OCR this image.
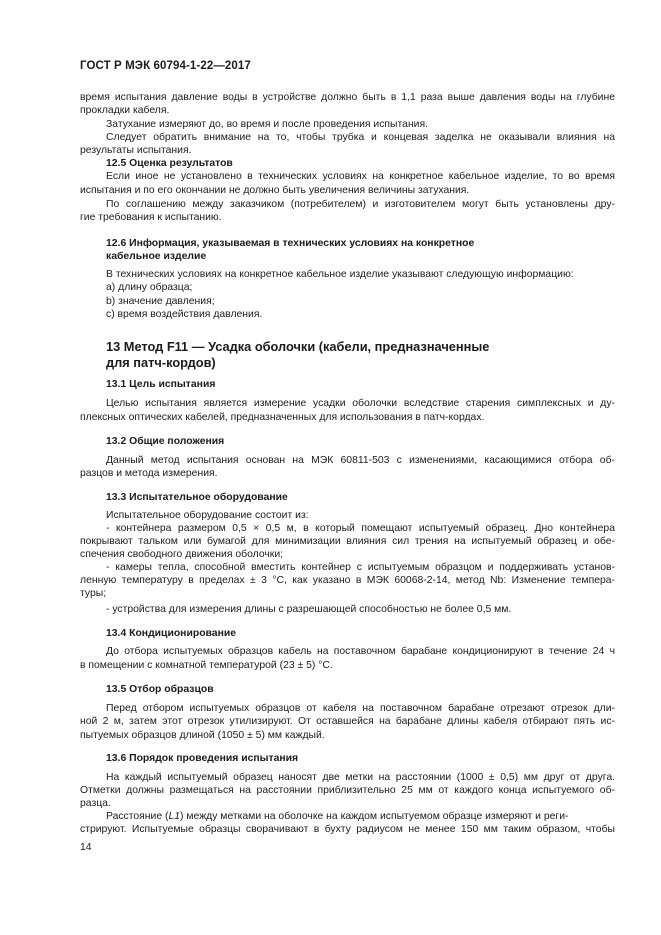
ГОСТ Р МЭК 60794-1-22—2017
время испытания давление воды в устройстве должно быть в 1,1 раза выше давления воды на глубине
прокладки кабеля.
Затухание измеряют до, во время и после проведения испытания.
Следует обратить внимание на то, чтобы трубка и концевая заделка не оказывали влияния на
результаты испытания.
12.5 Оценка результатов
Если иное не установлено в технических условиях на конкретное кабельное изделие, то во время
испытания и по его окончании не должно быть увеличения величины затухания.
По соглашению между заказчиком (потребителем) и изготовителем могут быть установлены дру-
гие требования к испытанию.
12.6 Информация, указываемая в технических условиях на конкретное
кабельное изделие
В технических условиях на конкретное кабельное изделие указывают следующую информацию:
a) длину образца;
b) значение давления;
c) время воздействия давления.
13 Метод F11 — Усадка оболочки (кабели, предназначенные
для патч-кордов)
13.1 Цель испытания
Целью испытания является измерение усадки оболочки вследствие старения симплексных и ду-
плексных оптических кабелей, предназначенных для использования в патч-кордах.
13.2 Общие положения
Данный метод испытания основан на МЭК 60811-503 с изменениями, касающимися отбора об-
разцов и метода измерения.
13.3 Испытательное оборудование
Испытательное оборудование состоит из:
- контейнера размером 0,5 × 0,5 м, в который помещают испытуемый образец. Дно контейнера
покрывают тальком или бумагой для минимизации влияния сил трения на испытуемый образец и обе-
спечения свободного движения оболочки;
- камеры тепла, способной вместить контейнер с испытуемым образцом и поддерживать установ-
ленную температуру в пределах ± 3 °C, как указано в МЭК 60068-2-14, метод Nb: Изменение темпера-
туры;
- устройства для измерения длины с разрешающей способностью не более 0,5 мм.
13.4 Кондиционирование
До отбора испытуемых образцов кабель на поставочном барабане кондиционируют в течение 24 ч
в помещении с комнатной температурой (23 ± 5) °C.
13.5 Отбор образцов
Перед отбором испытуемых образцов от кабеля на поставочном барабане отрезают отрезок дли-
ной 2 м, затем этот отрезок утилизируют. От оставшейся на барабане длины кабеля отбирают пять ис-
пытуемых образцов длиной (1050 ± 5) мм каждый.
13.6 Порядок проведения испытания
На каждый испытуемый образец наносят две метки на расстоянии (1000 ± 0,5) мм друг от друга.
Отметки должны размещаться на расстоянии приблизительно 25 мм от каждого конца испытуемого об-
разца.
Расстояние (L1) между метками на оболочке на каждом испытуемом образце измеряют и реги-
стрируют. Испытуемые образцы сворачивают в бухту радиусом не менее 150 мм таким образом, чтобы
14
